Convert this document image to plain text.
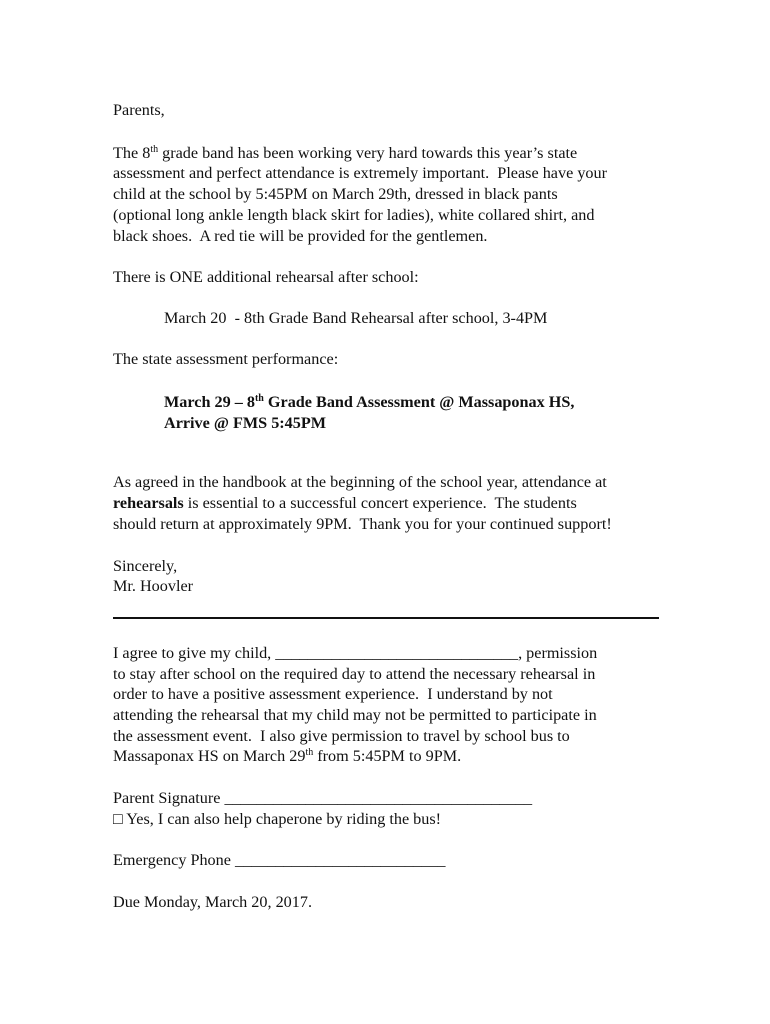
Parents,
The 8th grade band has been working very hard towards this year’s state
assessment and perfect attendance is extremely important.  Please have your
child at the school by 5:45PM on March 29th, dressed in black pants
(optional long ankle length black skirt for ladies), white collared shirt, and
black shoes.  A red tie will be provided for the gentlemen.
There is ONE additional rehearsal after school:
March 20  - 8th Grade Band Rehearsal after school, 3-4PM
The state assessment performance:
March 29 – 8th Grade Band Assessment @ Massaponax HS,
Arrive @ FMS 5:45PM
As agreed in the handbook at the beginning of the school year, attendance at
rehearsals is essential to a successful concert experience.  The students
should return at approximately 9PM.  Thank you for your continued support!
Sincerely,
Mr. Hoovler
I agree to give my child, ______________________________, permission
to stay after school on the required day to attend the necessary rehearsal in
order to have a positive assessment experience.  I understand by not
attending the rehearsal that my child may not be permitted to participate in
the assessment event.  I also give permission to travel by school bus to
Massaponax HS on March 29th from 5:45PM to 9PM.
Parent Signature ______________________________________
□ Yes, I can also help chaperone by riding the bus!
Emergency Phone __________________________
Due Monday, March 20, 2017.
